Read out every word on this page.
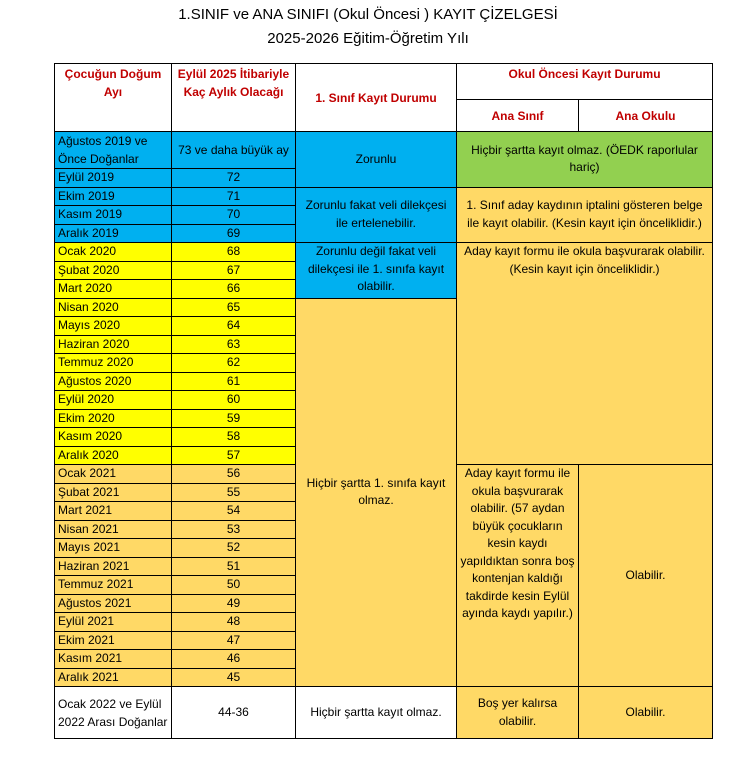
1.SINIF ve ANA SINIFI (Okul Öncesi ) KAYIT ÇİZELGESİ
2025-2026 Eğitim-Öğretim Yılı
Çocuğun Doğum Ayı	Eylül 2025 İtibariyle Kaç Aylık Olacağı	1. Sınıf Kayıt Durumu	Okul Öncesi Kayıt Durumu	
			Ana Sınıf	Ana Okulu
Ağustos 2019 ve Önce Doğanlar	73 ve daha büyük ay	Zorunlu	Hiçbir şartta kayıt olmaz. (ÖEDK raporlular hariç)	
Eylül 2019	72			
Ekim 2019	71	Zorunlu fakat veli dilekçesi ile ertelenebilir.	1. Sınıf aday kaydının iptalini gösteren belge ile kayıt olabilir. (Kesin kayıt için önceliklidir.)	
Kasım 2019	70			
Aralık 2019	69			
Ocak 2020	68	Zorunlu değil fakat veli dilekçesi ile 1. sınıfa kayıt olabilir.	Aday kayıt formu ile okula başvurarak olabilir. (Kesin kayıt için önceliklidir.)	
Şubat 2020	67			
Mart 2020	66			
Nisan 2020	65	Hiçbir şartta 1. sınıfa kayıt olmaz.		
Mayıs 2020	64			
Haziran 2020	63			
Temmuz 2020	62			
Ağustos 2020	61			
Eylül 2020	60			
Ekim 2020	59			
Kasım 2020	58			
Aralık 2020	57			
Ocak 2021	56		Aday kayıt formu ile okula başvurarak olabilir. (57 aydan büyük çocukların kesin kaydı yapıldıktan sonra boş kontenjan kaldığı takdirde kesin Eylül ayında kaydı yapılır.)	Olabilir.
Şubat 2021	55			
Mart 2021	54			
Nisan 2021	53			
Mayıs 2021	52			
Haziran 2021	51			
Temmuz 2021	50			
Ağustos 2021	49			
Eylül 2021	48			
Ekim 2021	47			
Kasım 2021	46			
Aralık 2021	45			
Ocak 2022 ve Eylül 2022 Arası Doğanlar	44-36	Hiçbir şartta kayıt olmaz.	Boş yer kalırsa olabilir.	Olabilir.
